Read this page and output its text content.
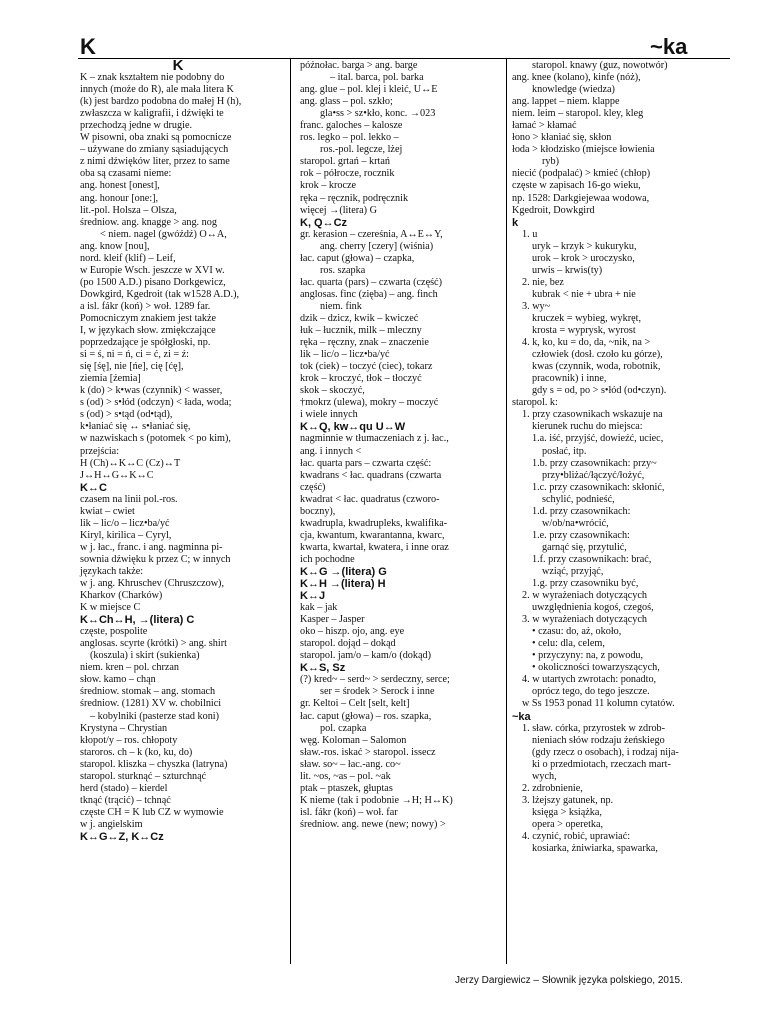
K	~ka
K
K – znak kształtem nie podobny do
innych (może do R), ale mała litera K
(k) jest bardzo podobna do małej H (h),
zwłaszcza w kaligrafii, i dźwięki te
przechodzą jedne w drugie.
W pisowni, oba znaki są pomocnicze
– używane do zmiany sąsiadujących
z nimi dźwięków liter, przez to same
oba są czasami nieme:
ang. honest [onest],
ang. honour [one:],
lit.-pol. Holsza – Olsza,
średniow. ang. knagge > ang. nog
< niem. nagel (gwóźdź) O↔A,
ang. know [nou],
nord. kleif (klif) – Leif,
w Europie Wsch. jeszcze w XVI w.
(po 1500 A.D.) pisano Dorkgewicz,
Dowkgird, Kgedroit (tak w1528 A.D.),
a isl. fákr (koń) > woł. 1289 far.
Pomocniczym znakiem jest także
I, w językach słow. zmiękczające
poprzedzające je spółgłoski, np.
si = ś, ni = ń, ci = ć, zi = ź:
się [śę], nie [ńe], cię [ćę],
ziemia [źemia]
k (do) > k•was (czynnik) < wasser,
s (od) > s•łód (odczyn) < łada, woda;
s (od) > s•tąd (od•tąd),
k•łaniać się ↔ s•łaniać się,
w nazwiskach s (potomek < po kim),
przejścia:
H (Ch)↔K↔C (Cz)↔T
J↔H↔G↔K↔C
K↔C
czasem na linii pol.-ros.
kwiat – cwiet
lik – lic/o – licz•ba/yć
Kiryl, kirilica – Cyryl,
w j. łac., franc. i ang. nagminna pi-
sownia dźwięku k przez C; w innych
językach także:
w j. ang. Khruschev (Chruszczow),
Kharkov (Charków)
K w miejsce C
K↔Ch↔H, →(litera) C
częste, pospolite
anglosas. scyrte (krótki) > ang. shirt
(koszula) i skirt (sukienka)
niem. kren – pol. chrzan
słow. kamo – chąn
średniow. stomak – ang. stomach
średniow. (1281) XV w. chobilnici
– kobylniki (pasterze stad koni)
Krystyna – Chrystian
kłopot/y – ros. chłopoty
staroros. ch – k (ko, ku, do)
staropol. kliszka – chyszka (latryna)
staropol. sturknąć – szturchnąć
herd (stado) – kierdel
tknąć (trącić) – tchnąć
częste CH = K lub CZ w wymowie
w j. angielskim
K↔G↔Z, K↔Cz
późnołac. barga > ang. barge
– ital. barca, pol. barka
ang. glue – pol. klej i kleić, U↔E
ang. glass – pol. szkło;
gla•ss > sz•kło, konc. →023
franc. galoches – kalosze
ros. legko – pol. lekko –
ros.-pol. legcze, lżej
staropol. grtań – krtań
rok – półrocze, rocznik
krok – krocze
ręka – ręcznik, podręcznik
więcej →(litera) G
K, Q↔Cz
gr. kerasion – czereśnia, A↔E↔Y,
ang. cherry [czery] (wiśnia)
łac. caput (głowa) – czapka,
ros. szapka
łac. quarta (pars) – czwarta (część)
anglosas. finc (zięba) – ang. finch
niem. fink
dzik – dzicz, kwik – kwiczeć
łuk – łucznik, milk – mleczny
ręka – ręczny, znak – znaczenie
lik – lic/o – licz•ba/yć
tok (ciek) – toczyć (ciec), tokarz
krok – kroczyć, tłok – tłoczyć
skok – skoczyć,
†mokrz (ulewa), mokry – moczyć
i wiele innych
K↔Q, kw↔qu U↔W
nagminnie w tłumaczeniach z j. łac.,
ang. i innych <
łac. quarta pars – czwarta część:
kwadrans < łac. quadrans (czwarta
część)
kwadrat < łac. quadratus (czworo-
boczny),
kwadrupla, kwadrupleks, kwalifika-
cja, kwantum, kwarantanna, kwarc,
kwarta, kwartał, kwatera, i inne oraz
ich pochodne
K↔G →(litera) G
K↔H →(litera) H
K↔J
kak – jak
Kasper – Jasper
oko – hiszp. ojo, ang. eye
staropol. dojąd – dokąd
staropol. jam/o – kam/o (dokąd)
K↔S, Sz
(?) kred~ – serd~ > serdeczny, serce;
ser = środek > Serock i inne
gr. Keltoi – Celt [selt, kelt]
łac. caput (głowa) – ros. szapka,
pol. czapka
węg. Koloman – Salomon
sław.-ros. iskać > staropol. issecz
sław. so~ – łac.-ang. co~
lit. ~os, ~as – pol. ~ak
ptak – ptaszek, głuptas
K nieme (tak i podobnie →H; H↔K)
isl. fákr (koń) – woł. far
średniow. ang. newe (new; nowy) >
staropol. knawy (guz, nowotwór)
ang. knee (kolano), kinfe (nóż),
knowledge (wiedza)
ang. lappet – niem. klappe
niem. leim – staropol. kley, kleg
łamać > kłamać
łono > kłaniać się, skłon
łoda > kłodzisko (miejsce łowienia
ryb)
niecić (podpalać) > kmieć (chłop)
częste w zapisach 16-go wieku,
np. 1528: Darkgiejewaa wodowa,
Kgedroit, Dowkgird
k
1. u
uryk – krzyk > kukuryku,
urok – krok > uroczysko,
urwis – krwis(ty)
2. nie, bez
kubrak < nie + ubra + nie
3. wy~
kruczek = wybieg, wykręt,
krosta = wyprysk, wyrost
4. k, ko, ku = do, da, ~nik, na >
człowiek (dosł. czoło ku górze),
kwas (czynnik, woda, robotnik,
pracownik) i inne,
gdy s = od, po > s•łód (od•czyn).
staropol. k:
1. przy czasownikach wskazuje na
kierunek ruchu do miejsca:
1.a. iść, przyjść, dowieźć, uciec,
posłać, itp.
1.b. przy czasownikach: przy~
przy•bliżać/łączyć/łożyć,
1.c. przy czasownikach: skłonić,
schylić, podnieść,
1.d. przy czasownikach:
w/ob/na•wrócić,
1.e. przy czasownikach:
garnąć się, przytulić,
1.f. przy czasownikach: brać,
wziąć, przyjąć,
1.g. przy czasowniku być,
2. w wyrażeniach dotyczących
uwzględnienia kogoś, czegoś,
3. w wyrażeniach dotyczących
• czasu: do, aż, około,
• celu: dla, celem,
• przyczyny: na, z powodu,
• okoliczności towarzyszących,
4. w utartych zwrotach: ponadto,
oprócz tego, do tego jeszcze.
w Ss 1953 ponad 11 kolumn cytatów.
~ka
1. sław. córka, przyrostek w zdrob-
nieniach słów rodzaju żeńskiego
(gdy rzecz o osobach), i rodzaj nija-
ki o przedmiotach, rzeczach mart-
wych,
2. zdrobnienie,
3. lżejszy gatunek, np.
księga > książka,
opera > operetka,
4. czynić, robić, uprawiać:
kosiarka, żniwiarka, spawarka,
Jerzy Dargiewicz – Słownik języka polskiego, 2015.
